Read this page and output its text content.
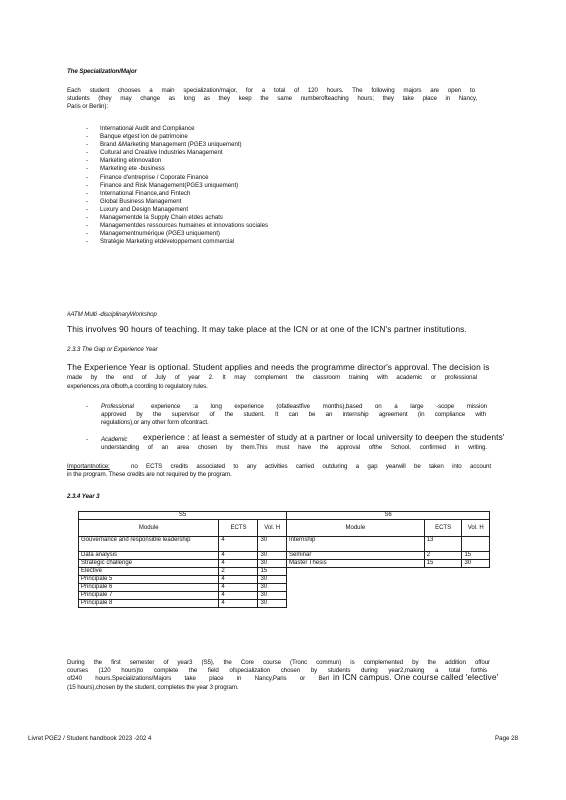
The Specialization/Major
Each student chooses a main specialization/major, for a total of 120 hours. The following majors are open to
students (they may change as long as they keep the same numberofteaching hours; they take place in Nancy,
Paris or Berlin):
- International Audit and Compliance
- Banque etgest ion de patrimoine
- Brand &Marketing Management (PGE3 uniquement)
- Cultural and Creative Industries Management
- Marketing etinnovation
- Marketing ete -business
- Finance d'entreprise / Coporate Finance
- Finance and Risk Management(PGE3 uniquement)
- International Finance,and Fintech
- Global Business Management
- Luxury and Design Management
- Managementde la Supply Chain etdes achats
- Managementdes ressources humaines et innovations sociales
- Managementnumérique (PGE3 uniquement)
- Stratégie Marketing etdéveloppement commercial
#ATM Multi -disciplinaryWorkshop
This involves 90 hours of teaching. It may take place at the ICN or at one of the ICN's partner institutions.
2.3.3 The Gap or Experience Year
The Experience Year is optional. Student applies and needs the programme director's approval. The decision is
made by the end of July of year 2. It may complement the classroom training with academic or professional
experiences,ora ofboth,a ccording to regulatory rules.
- Professional	experience :a long experience (ofatleastfive months),based on a large -scope mission
approved by the supervisor of the student. It can be an internship agreement (in compliance with
regulations),or any other form ofcontract.
- Academic experience : at least a semester of study at a partner or local university to deepen the students'
understanding of an area chosen by them.This must have the approval ofthe School, confirmed in writing.
Importantnotice:	no ECTS credits associated to any activities carried outduring a gap yearwill be taken into account
in the program. These credits are not required by the program.
2.3.4 Year 3
S5			S6		
Module	ECTS	Vol. H	Module	ECTS	Vol. H
Gouvernance and responsible leadership	4	30	Internship	13	
Data analysis	4	30	Seminar	2	15
Strategic challenge	4	30	Master Thesis	15	30
Elective	2	15			
Principale 5	4	30			
Principale 6	4	30			
Principale 7	4	30			
Principale 8	4	30			
During the first semester of year3 (S5), the Core course (Tronc commun) is complemented by the addition offour
courses (120 hours)to complete the field ofspecialization chosen by students during year2,making a total forthis
of240 hours.Specializations/Majors take place in Nancy,Paris or Berl in ICN campus. One course called 'elective'
(15 hours),chosen by the student, completes the year 3 program.
Livret PGE2 / Student handbook 2023 -202 4	Page 28
